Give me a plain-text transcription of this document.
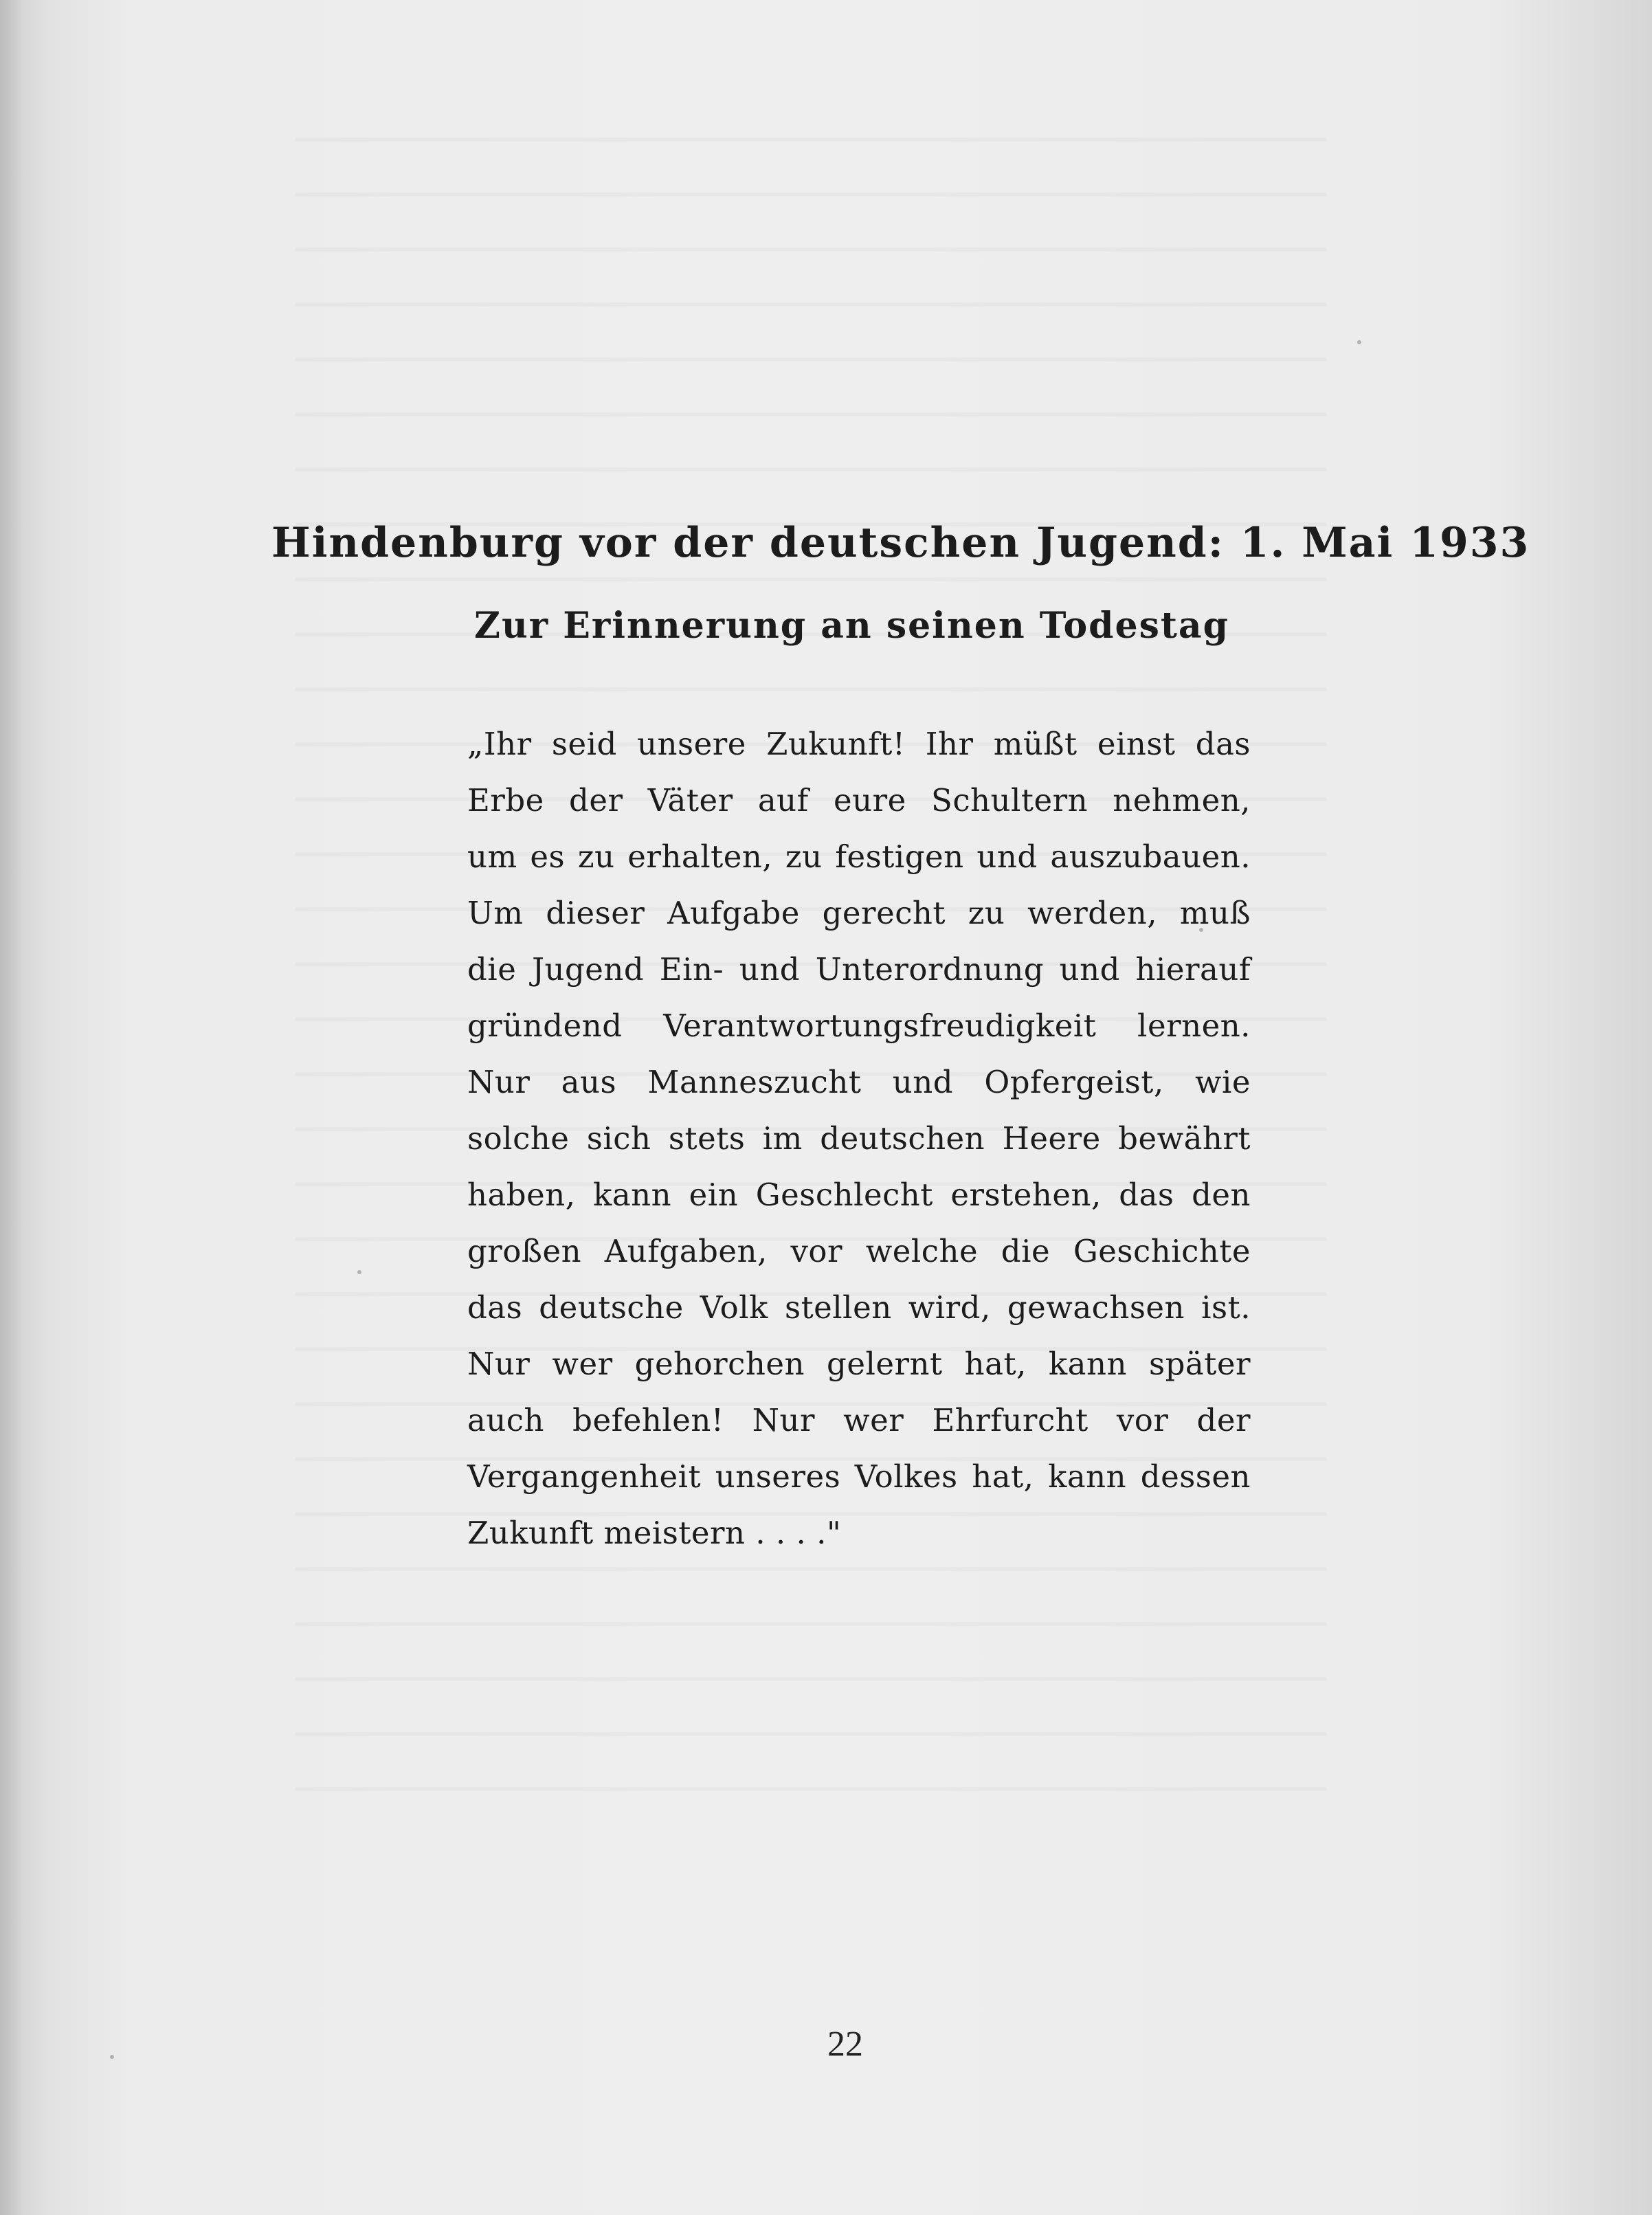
Hindenburg vor der deutschen Jugend: 1. Mai 1933
Zur Erinnerung an seinen Todestag
„Ihr seid unsere Zukunft! Ihr müßt einst das
Erbe der Väter auf eure Schultern nehmen,
um es zu erhalten, zu festigen und auszubauen.
Um dieser Aufgabe gerecht zu werden, muß
die Jugend Ein- und Unterordnung und hierauf
gründend Verantwortungsfreudigkeit lernen.
Nur aus Manneszucht und Opfergeist, wie
solche sich stets im deutschen Heere bewährt
haben, kann ein Geschlecht erstehen, das den
großen Aufgaben, vor welche die Geschichte
das deutsche Volk stellen wird, gewachsen ist.
Nur wer gehorchen gelernt hat, kann später
auch befehlen! Nur wer Ehrfurcht vor der
Vergangenheit unseres Volkes hat, kann dessen
Zukunft meistern . . . ."
22
